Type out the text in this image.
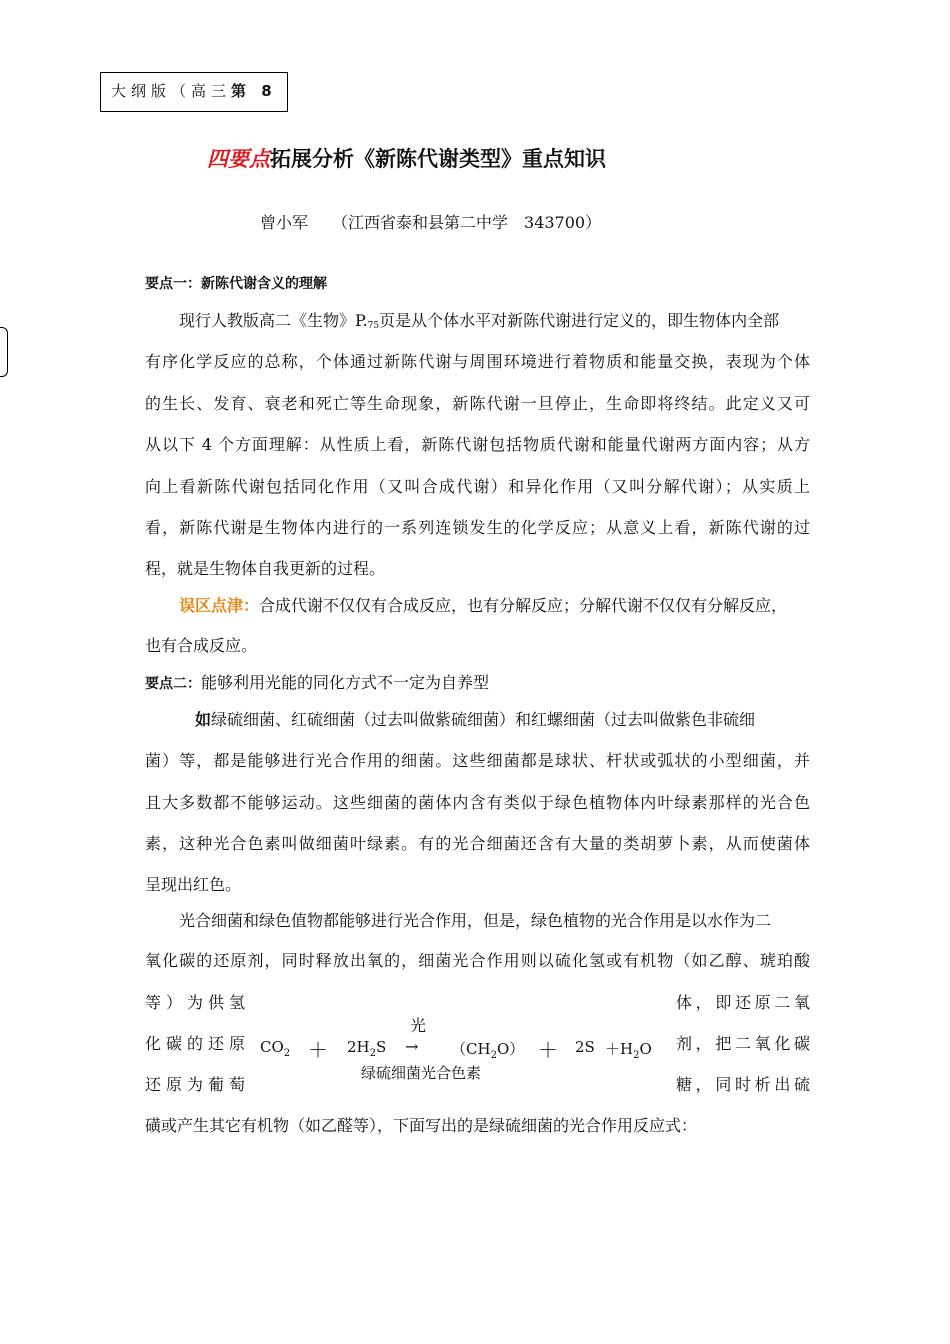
大纲版（高三第 8
四要点拓展分析《新陈代谢类型》重点知识
曾小军 （江西省泰和县第二中学　343700）
要点一：新陈代谢含义的理解
现行人教版高二《生物》$P._{75}$页是从个体水平对新陈代谢进行定义的，即生物体内全部
有序化学反应的总称，个体通过新陈代谢与周围环境进行着物质和能量交换，表现为个体
的生长、发育、衰老和死亡等生命现象，新陈代谢一旦停止，生命即将终结。此定义又可
从以下 4 个方面理解：从性质上看，新陈代谢包括物质代谢和能量代谢两方面内容；从方
向上看新陈代谢包括同化作用（又叫合成代谢）和异化作用（又叫分解代谢）；从实质上
看，新陈代谢是生物体内进行的一系列连锁发生的化学反应；从意义上看，新陈代谢的过
程，就是生物体自我更新的过程。
误区点津：合成代谢不仅仅有合成反应，也有分解反应；分解代谢不仅仅有分解反应，
也有合成反应。
要点二：能够利用光能的同化方式不一定为自养型
如绿硫细菌、红硫细菌（过去叫做紫硫细菌）和红螺细菌（过去叫做紫色非硫细
菌）等，都是能够进行光合作用的细菌。这些细菌都是球状、杆状或弧状的小型细菌，并
且大多数都不能够运动。这些细菌的菌体内含有类似于绿色植物体内叶绿素那样的光合色
素，这种光合色素叫做细菌叶绿素。有的光合细菌还含有大量的类胡萝卜素，从而使菌体
呈现出红色。
光合细菌和绿色值物都能够进行光合作用，但是，绿色植物的光合作用是以水作为二
氧化碳的还原剂，同时释放出氧的，细菌光合作用则以硫化氢或有机物（如乙醇、琥珀酸
等）为供氢
化碳的还原
还原为葡萄
体，即还原二氧
剂，把二氧化碳
糖，同时析出硫
$CO_2 + 2H_2S$
光
→
绿硫细菌光合色素
$(CH_2O) + 2S +H_2O$
磺或产生其它有机物（如乙醛等），下面写出的是绿硫细菌的光合作用反应式：
